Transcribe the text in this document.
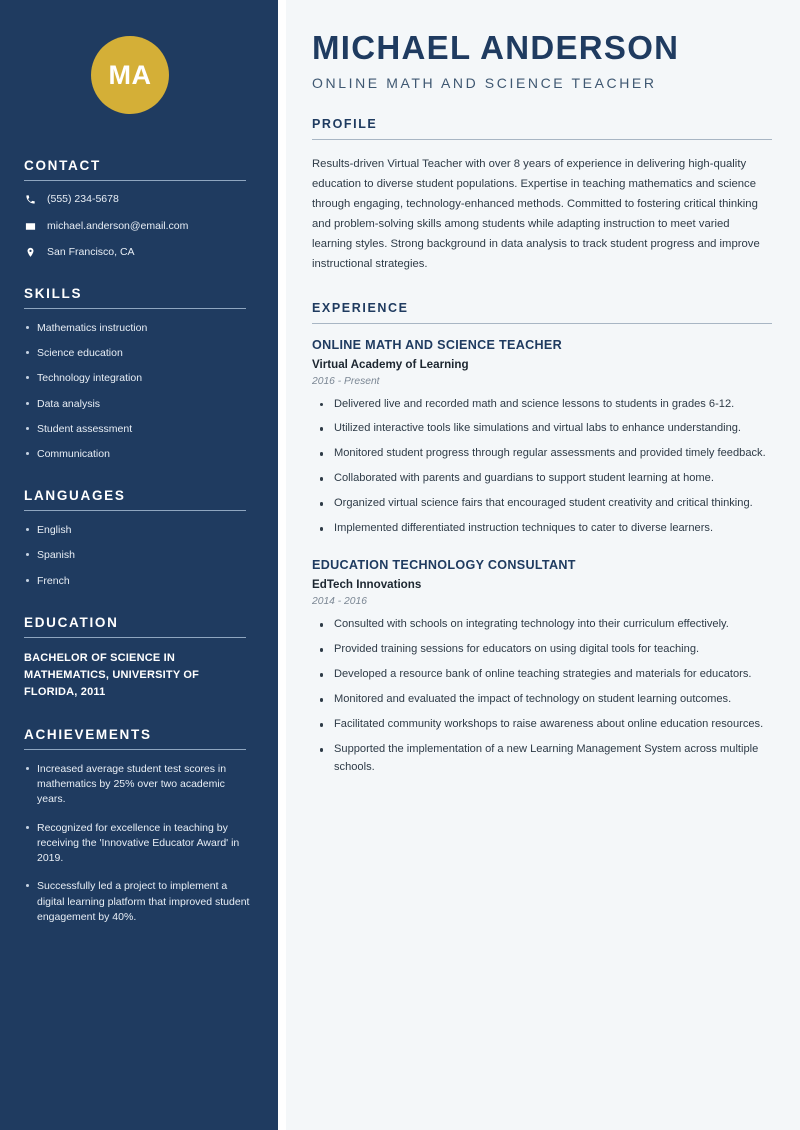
MA
CONTACT
(555) 234-5678
michael.anderson@email.com
San Francisco, CA
SKILLS
Mathematics instruction
Science education
Technology integration
Data analysis
Student assessment
Communication
LANGUAGES
English
Spanish
French
EDUCATION
BACHELOR OF SCIENCE IN MATHEMATICS, UNIVERSITY OF FLORIDA, 2011
ACHIEVEMENTS
Increased average student test scores in mathematics by 25% over two academic years.
Recognized for excellence in teaching by receiving the 'Innovative Educator Award' in 2019.
Successfully led a project to implement a digital learning platform that improved student engagement by 40%.
MICHAEL ANDERSON
ONLINE MATH AND SCIENCE TEACHER
PROFILE

Results-driven Virtual Teacher with over 8 years of experience in delivering high-quality education to diverse student populations. Expertise in teaching mathematics and science through engaging, technology-enhanced methods. Committed to fostering critical thinking and problem-solving skills among students while adapting instruction to meet varied learning styles. Strong background in data analysis to track student progress and improve instructional strategies.

EXPERIENCE
ONLINE MATH AND SCIENCE TEACHER
Virtual Academy of Learning
2016 - Present
Delivered live and recorded math and science lessons to students in grades 6-12.
Utilized interactive tools like simulations and virtual labs to enhance understanding.
Monitored student progress through regular assessments and provided timely feedback.
Collaborated with parents and guardians to support student learning at home.
Organized virtual science fairs that encouraged student creativity and critical thinking.
Implemented differentiated instruction techniques to cater to diverse learners.
EDUCATION TECHNOLOGY CONSULTANT
EdTech Innovations
2014 - 2016
Consulted with schools on integrating technology into their curriculum effectively.
Provided training sessions for educators on using digital tools for teaching.
Developed a resource bank of online teaching strategies and materials for educators.
Monitored and evaluated the impact of technology on student learning outcomes.
Facilitated community workshops to raise awareness about online education resources.
Supported the implementation of a new Learning Management System across multiple schools.
